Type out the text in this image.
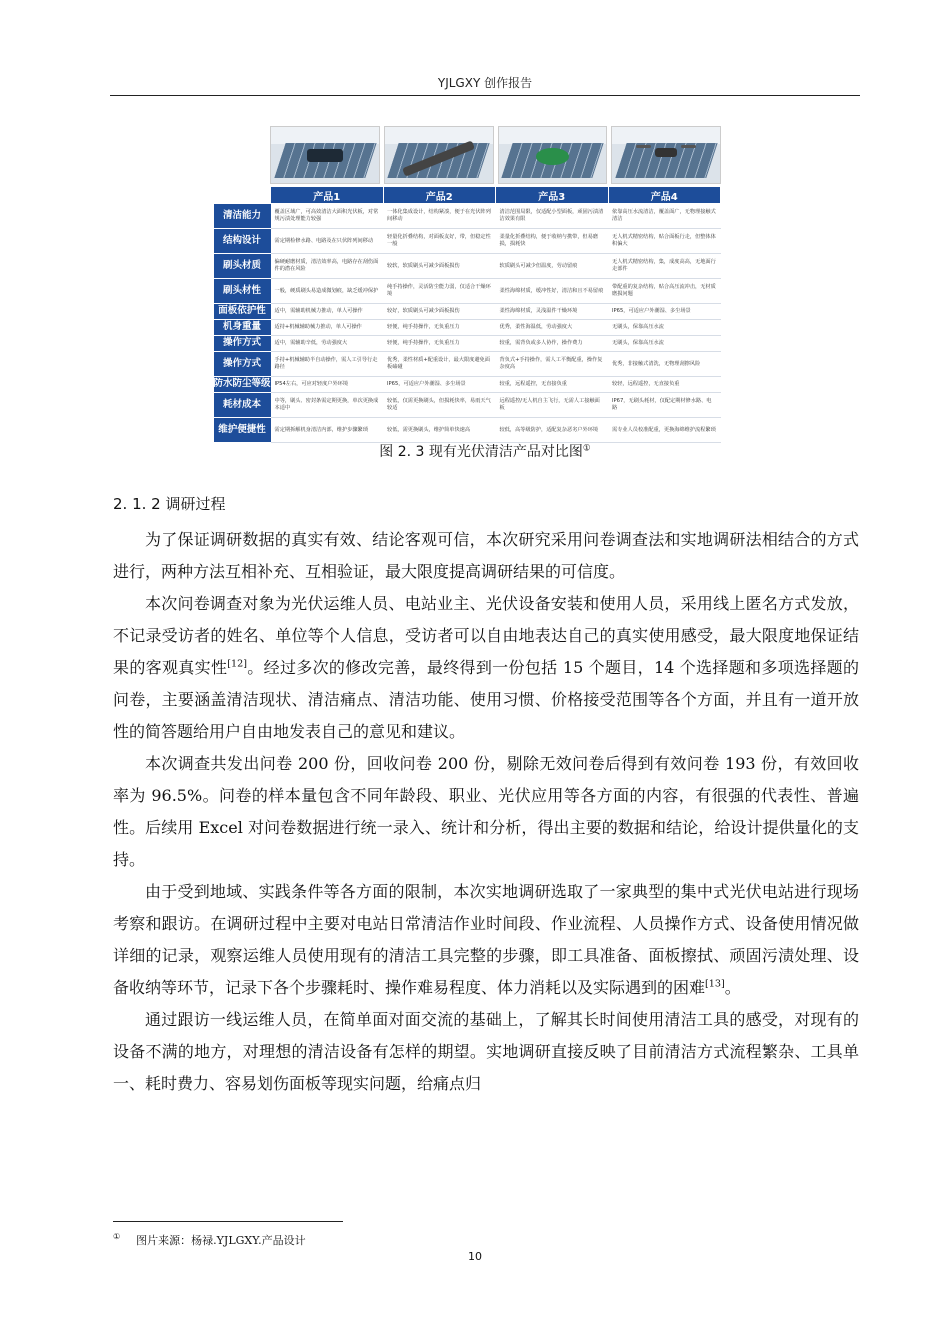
YJLGXY 创作报告
	产品1	产品2	产品3	产品4
清洁能力	覆盖区域广，可高效清洁大面积光伏板，对常规污渍处理能力较强	一体化集成设计，结构紧凑，便于在光伏阵列间移动	清洁范围局限，仅适配小型面板，顽固污渍清洁效果有限	依靠高压水流清洁，覆盖面广，无物理接触式清洁
结构设计	需定期检修水路、电路及在只伏阵列间移动	轻量化折叠结构，对面板友好，带，但稳定性一般	柔量化折叠结构，便于收纳与携带，但易磨损，损耗快	无人机式精密结构，贴合面板行走，但整体体积偏大
刷头材质	偏硬耐磨材质，清洁效率高，电路存在刮伤面件的潜在风险	较软，软质刷头可减少面板损伤	软质刷头可减少但温度，劳动留痕	无人机式精密结构，集，成度高高，无地面行走部件
刷头材性	一般，硬质刷头易造成微划痕，缺乏缓冲保护	纯手持操作，灵活防尘能力弱，仅适合干燥环境	柔性海绵材质，缓冲性好，清洁和且不易留痕	带配重的复杂结构，贴合高压流冲击，无材质磨损问题
面板依护性	适中，需辅助机械力推动，单人可操作	较好，软质刷头可减少面板损伤	柔性海绵材质，灵浅温件干燥环境	IP65，可适应户外潮湿、多尘场景
机身重量	适持+机械辅助械力推动，单人可操作	轻便，纯手持操作，无负重压力	优秀，柔性海温低，劳动强度大	无刷头，保靠高压水流
操作方式	适中，需辅助辛低，劳动强度大	轻便，纯手持操作，无负重压力	较重，需背负或多人协作，操作费力	无刷头，保靠高压水流
操作方式	手持+机械辅助半自动操作，需人工引导行走路径	优秀，柔性材质+配重设计，最大限度避免面板磕碰	背负式+手持操作，需人工平衡配重，操作复杂度高	优秀，非接触式清洗，无物理刮擦风险
防水防尘等级	IP54左右，可应对轻度户外环境	IP65，可适应户外潮湿、多尘场景	较重，远程遥控，无直接负重	较轻，远程遥控，无直接负重
耗材成本	中等，刷头、密封条需定期更换，单次更换成本适中	较低，仅需更换刷头，但损耗快率，易雨天气较适	远程遥控/无人机自主飞行，无需人工接触面板	IP67，无刷头耗材，仅配定期材修水路、电路
维护便捷性	需定期拆解机身清洁内部，维护步骤繁琐	较低，需更换刷头，维护简单快速高	较低，高等级防护，适配复杂恶劣户外环境	需专业人员校准配重，更换海绵维护流程繁琐
图 2. 3 现有光伏清洁产品对比图①
2. 1. 2 调研过程

为了保证调研数据的真实有效、结论客观可信，本次研究采用问卷调查法和实地调研法相结合的方式进行，两种方法互相补充、互相验证，最大限度提高调研结果的可信度。

本次问卷调查对象为光伏运维人员、电站业主、光伏设备安装和使用人员，采用线上匿名方式发放，不记录受访者的姓名、单位等个人信息，受访者可以自由地表达自己的真实使用感受，最大限度地保证结果的客观真实性[12]。经过多次的修改完善，最终得到一份包括 15 个题目，14 个选择题和多项选择题的问卷，主要涵盖清洁现状、清洁痛点、清洁功能、使用习惯、价格接受范围等各个方面，并且有一道开放性的简答题给用户自由地发表自己的意见和建议。

本次调查共发出问卷 200 份，回收问卷 200 份，剔除无效问卷后得到有效问卷 193 份，有效回收率为 96.5%。问卷的样本量包含不同年龄段、职业、光伏应用等各方面的内容，有很强的代表性、普遍性。后续用 Excel 对问卷数据进行统一录入、统计和分析，得出主要的数据和结论，给设计提供量化的支持。

由于受到地域、实践条件等各方面的限制，本次实地调研选取了一家典型的集中式光伏电站进行现场考察和跟访。在调研过程中主要对电站日常清洁作业时间段、作业流程、人员操作方式、设备使用情况做详细的记录，观察运维人员使用现有的清洁工具完整的步骤，即工具准备、面板擦拭、顽固污渍处理、设备收纳等环节，记录下各个步骤耗时、操作难易程度、体力消耗以及实际遇到的困难[13]。

通过跟访一线运维人员，在简单面对面交流的基础上，了解其长时间使用清洁工具的感受，对现有的设备不满的地方，对理想的清洁设备有怎样的期望。实地调研直接反映了目前清洁方式流程繁杂、工具单一、耗时费力、容易划伤面板等现实问题，给痛点归

① 图片来源：杨禄.YJLGXY.产品设计
10
